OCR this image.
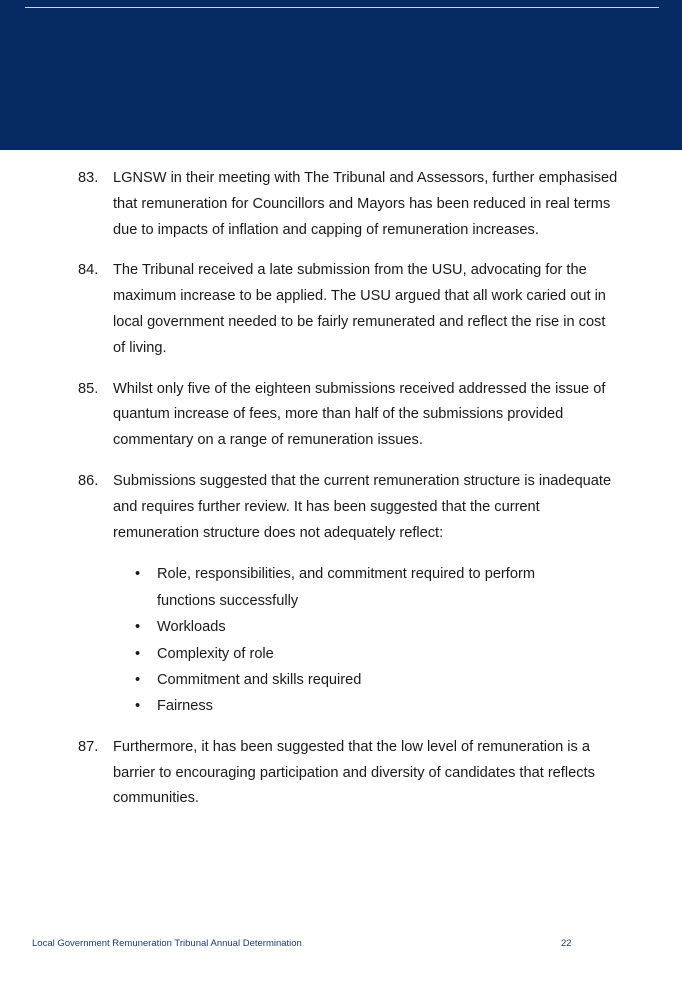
83. LGNSW in their meeting with The Tribunal and Assessors, further emphasised that remuneration for Councillors and Mayors has been reduced in real terms due to impacts of inflation and capping of remuneration increases.
84. The Tribunal received a late submission from the USU, advocating for the maximum increase to be applied. The USU argued that all work caried out in local government needed to be fairly remunerated and reflect the rise in cost of living.
85. Whilst only five of the eighteen submissions received addressed the issue of quantum increase of fees, more than half of the submissions provided commentary on a range of remuneration issues.
86. Submissions suggested that the current remuneration structure is inadequate and requires further review. It has been suggested that the current remuneration structure does not adequately reflect:
• Role, responsibilities, and commitment required to perform functions successfully
• Workloads
• Complexity of role
• Commitment and skills required
• Fairness
87. Furthermore, it has been suggested that the low level of remuneration is a barrier to encouraging participation and diversity of candidates that reflects communities.
Local Government Remuneration Tribunal Annual Determination	22
